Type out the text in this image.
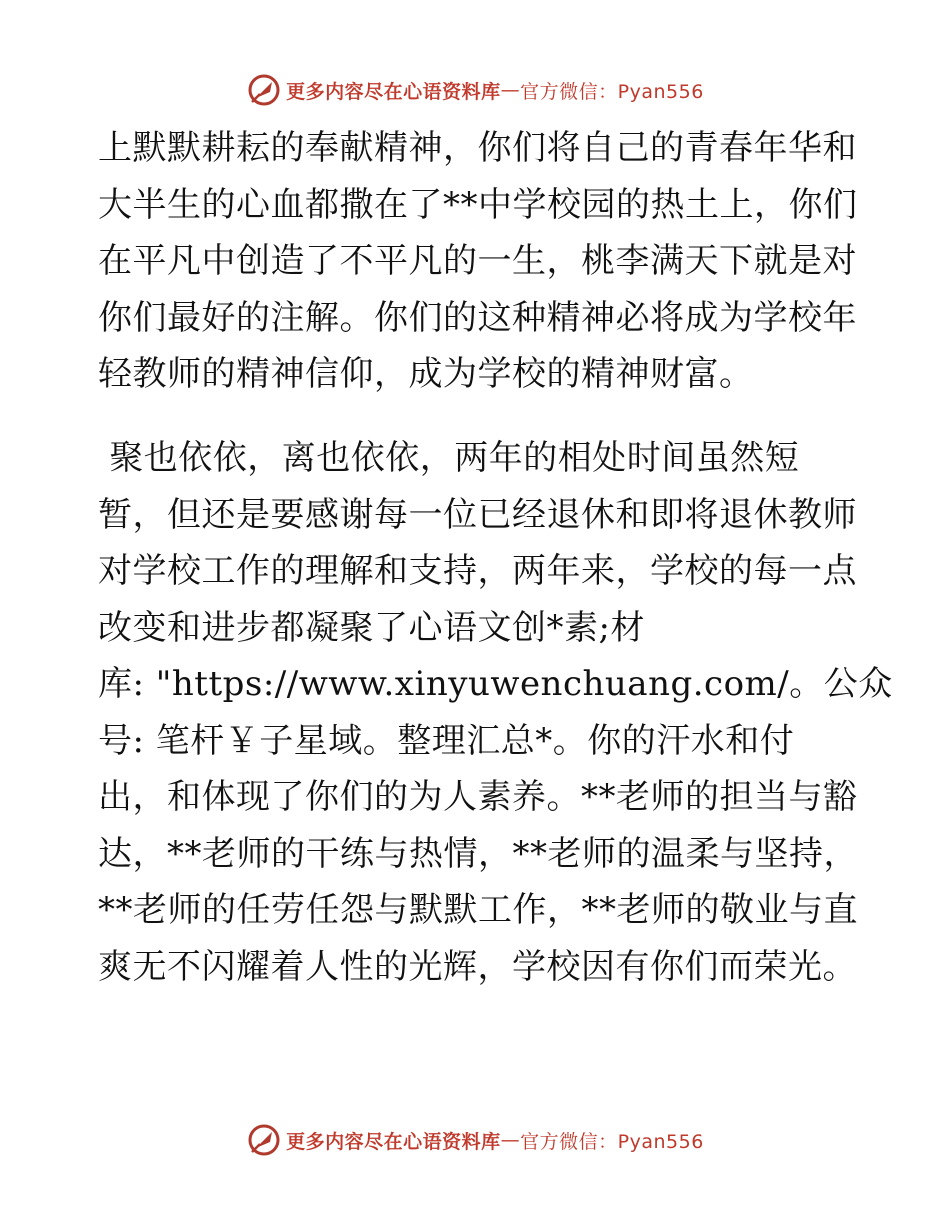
更多内容尽在心语资料库 — 官方微信：Pyan556
上默默耕耘的奉献精神，你们将自己的青春年华和
大半生的心血都撒在了**中学校园的热土上，你们
在平凡中创造了不平凡的一生，桃李满天下就是对
你们最好的注解。你们的这种精神必将成为学校年
轻教师的精神信仰，成为学校的精神财富。
聚也依依，离也依依，两年的相处时间虽然短
暂，但还是要感谢每一位已经退休和即将退休教师
对学校工作的理解和支持，两年来，学校的每一点
改变和进步都凝聚了心语文创*素;材
库: "https://www.xinyuwenchuang.com/。公众
号: 笔杆￥子星域。整理汇总*。你的汗水和付
出，和体现了你们的为人素养。**老师的担当与豁
达，**老师的干练与热情，**老师的温柔与坚持，
**老师的任劳任怨与默默工作，**老师的敬业与直
爽无不闪耀着人性的光辉，学校因有你们而荣光。
更多内容尽在心语资料库 — 官方微信：Pyan556
